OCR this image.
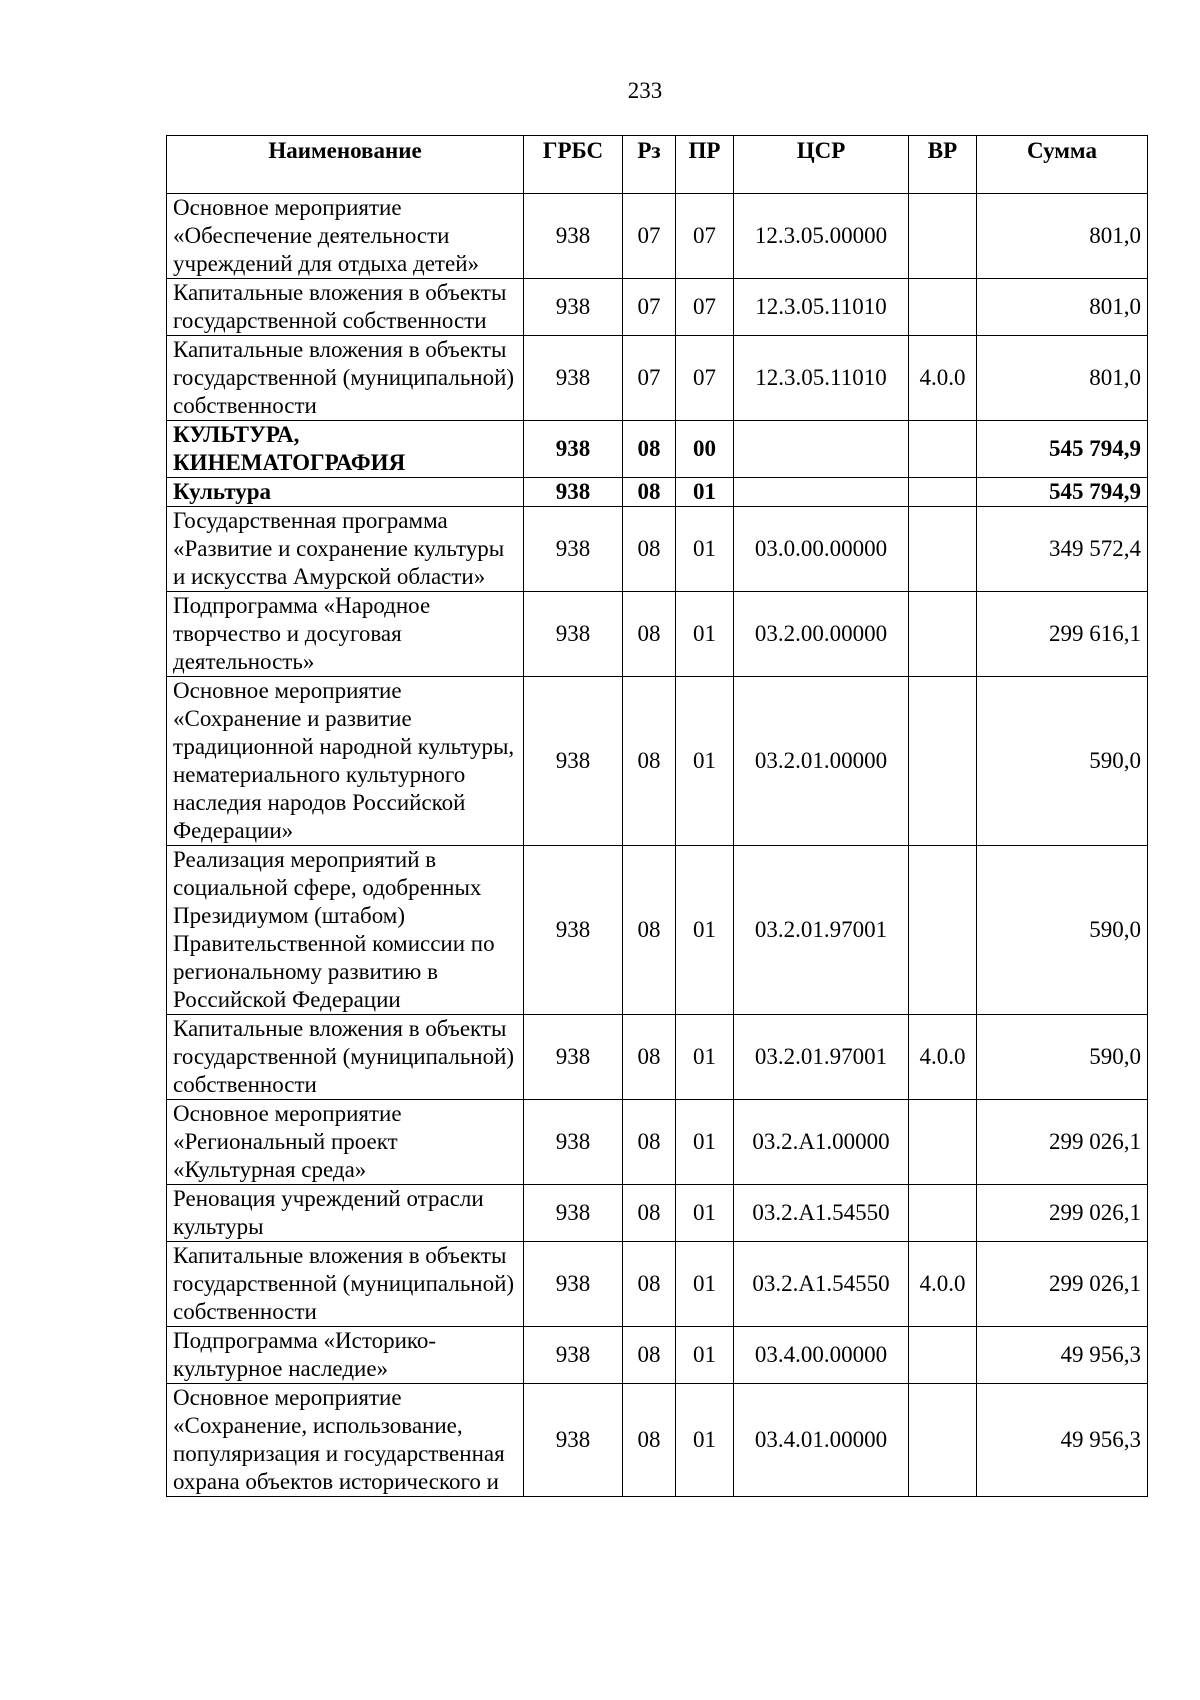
233
Наименование	ГРБС	Рз	ПР	ЦСР	ВР	Сумма
Основное мероприятие «Обеспечение деятельности учреждений для отдыха детей»	938	07	07	12.3.05.00000		801,0
Капитальные вложения в объекты государственной собственности	938	07	07	12.3.05.11010		801,0
Капитальные вложения в объекты государственной (муниципальной) собственности	938	07	07	12.3.05.11010	4.0.0	801,0
КУЛЬТУРА, КИНЕМАТОГРАФИЯ	938	08	00			545 794,9
Культура	938	08	01			545 794,9
Государственная программа «Развитие и сохранение культуры и искусства Амурской области»	938	08	01	03.0.00.00000		349 572,4
Подпрограмма «Народное творчество и досуговая деятельность»	938	08	01	03.2.00.00000		299 616,1
Основное мероприятие «Сохранение и развитие традиционной народной культуры, нематериального культурного наследия народов Российской Федерации»	938	08	01	03.2.01.00000		590,0
Реализация мероприятий в социальной сфере, одобренных Президиумом (штабом) Правительственной комиссии по региональному развитию в Российской Федерации	938	08	01	03.2.01.97001		590,0
Капитальные вложения в объекты государственной (муниципальной) собственности	938	08	01	03.2.01.97001	4.0.0	590,0
Основное мероприятие «Региональный проект «Культурная среда»	938	08	01	03.2.A1.00000		299 026,1
Реновация учреждений отрасли культуры	938	08	01	03.2.A1.54550		299 026,1
Капитальные вложения в объекты государственной (муниципальной) собственности	938	08	01	03.2.A1.54550	4.0.0	299 026,1
Подпрограмма «Историко-культурное наследие»	938	08	01	03.4.00.00000		49 956,3
Основное мероприятие «Сохранение, использование, популяризация и государственная охрана объектов исторического и	938	08	01	03.4.01.00000		49 956,3
